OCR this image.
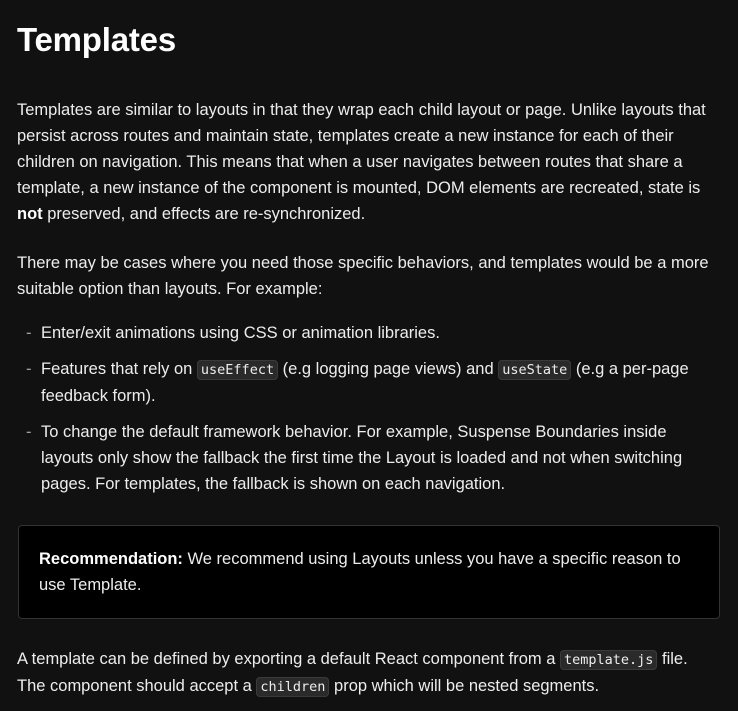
Templates

Templates are similar to layouts in that they wrap each child layout or page. Unlike layouts that persist across routes and maintain state, templates create a new instance for each of their children on navigation. This means that when a user navigates between routes that share a template, a new instance of the component is mounted, DOM elements are recreated, state is not preserved, and effects are re-synchronized.

There may be cases where you need those specific behaviors, and templates would be a more suitable option than layouts. For example:

- Enter/exit animations using CSS or animation libraries.
- Features that rely on useEffect (e.g logging page views) and useState (e.g a per-page feedback form).
- To change the default framework behavior. For example, Suspense Boundaries inside layouts only show the fallback the first time the Layout is loaded and not when switching pages. For templates, the fallback is shown on each navigation.

Recommendation: We recommend using Layouts unless you have a specific reason to use Template.

A template can be defined by exporting a default React component from a template.js file. The component should accept a children prop which will be nested segments.
